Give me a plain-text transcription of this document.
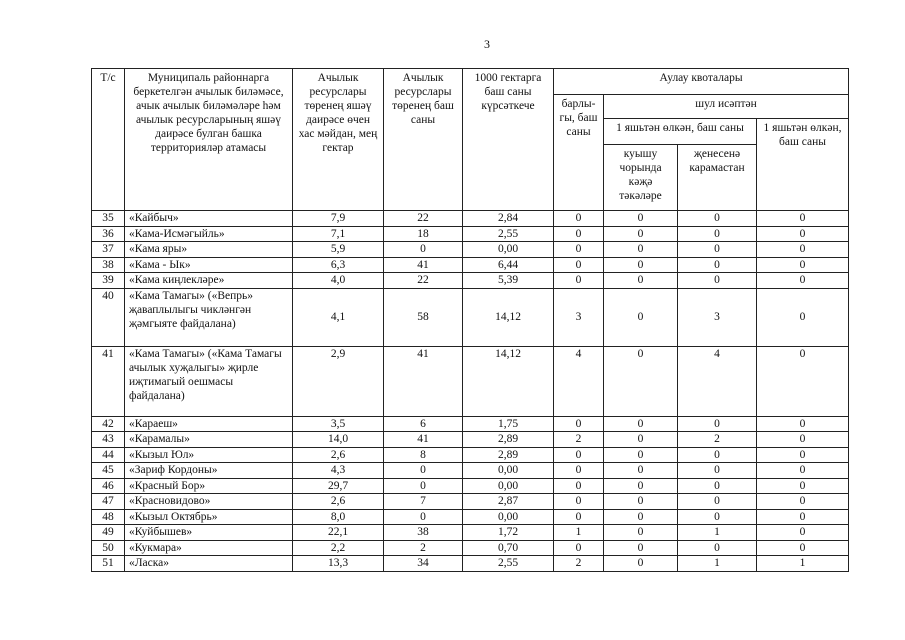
3
Т/с	Муниципаль районнарга беркетелгән ачылык биләмәсе, ачык ачылык биләмәләре һәм ачылык ресурсларының яшәү даирәсе булган башка территорияләр атамасы	Ачылык ресурслары төренең яшәү даирәсе өчен хас мәйдан, мең гектар	Ачылык ресурслары төренең баш саны	1000 гектарга баш саны күрсәткече	Аулау квоталары			
					барлы-гы, баш саны	шул исәптән		
						1 яшьтән өлкән, баш саны		1 яшьтән өлкән, баш саны
						куышу чорында кәҗә тәкәләре	җенесенә карамастан	
35	«Кайбыч»	7,9	22	2,84	0	0	0	0
36	«Кама-Исмәгыйль»	7,1	18	2,55	0	0	0	0
37	«Кама яры»	5,9	0	0,00	0	0	0	0
38	«Кама - Ык»	6,3	41	6,44	0	0	0	0
39	«Кама киңлекләре»	4,0	22	5,39	0	0	0	0
40	«Кама Тамагы» («Вепрь» җаваплылыгы чикләнгән җәмгыяте файдалана)	4,1	58	14,12	3	0	3	0
41	«Кама Тамагы» («Кама Тамагы ачылык хуҗалыгы» җирле иҗтимагый оешмасы файдалана)	2,9	41	14,12	4	0	4	0
42	«Караеш»	3,5	6	1,75	0	0	0	0
43	«Карамалы»	14,0	41	2,89	2	0	2	0
44	«Кызыл Юл»	2,6	8	2,89	0	0	0	0
45	«Зариф Кордоны»	4,3	0	0,00	0	0	0	0
46	«Красный Бор»	29,7	0	0,00	0	0	0	0
47	«Красновидово»	2,6	7	2,87	0	0	0	0
48	«Кызыл Октябрь»	8,0	0	0,00	0	0	0	0
49	«Куйбышев»	22,1	38	1,72	1	0	1	0
50	«Кукмара»	2,2	2	0,70	0	0	0	0
51	«Ласка»	13,3	34	2,55	2	0	1	1
